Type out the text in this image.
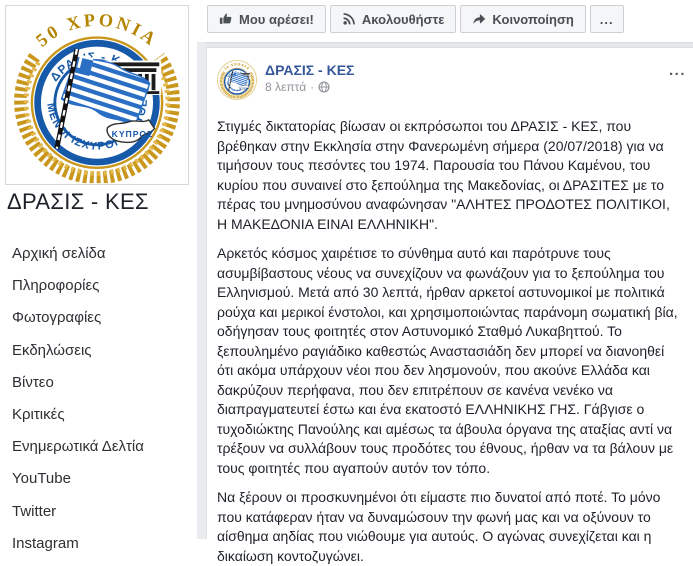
ΔΡΑΣΙΣ - ΚΕΣ
Αρχική σελίδα
Πληροφορίες
Φωτογραφίες
Εκδηλώσεις
Βίντεο
Κριτικές
Ενημερωτικά Δελτία
YouTube
Twitter
Instagram
Μου αρέσει!	Ακολουθήστε	Κοινοποίηση ...
ΔΡΑΣΙΣ - ΚΕΣ
8 λεπτά ·
...

Στιγμές δικτατορίας βίωσαν οι εκπρόσωποι του ΔΡΑΣΙΣ - ΚΕΣ, που βρέθηκαν στην Εκκλησία στην Φανερωμένη σήμερα (20/07/2018) για να τιμήσουν τους πεσόντες του 1974. Παρουσία του Πάνου Καμένου, του κυρίου που συναινεί στο ξεπούλημα της Μακεδονίας, οι ΔΡΑΣΙΤΕΣ με το πέρας του μνημοσύνου αναφώνησαν "ΑΛΗΤΕΣ ΠΡΟΔΟΤΕΣ ΠΟΛΙΤΙΚΟΙ, Η ΜΑΚΕΔΟΝΙΑ ΕΙΝΑΙ ΕΛΛΗΝΙΚΗ".

Αρκετός κόσμος χαιρέτισε το σύνθημα αυτό και παρότρυνε τους ασυμβίβαστους νέους να συνεχίζουν να φωνάζουν για το ξεπούλημα του Ελληνισμού. Μετά από 30 λεπτά, ήρθαν αρκετοί αστυνομικοί με πολιτικά ρούχα και μερικοί ένστολοι, και χρησιμοποιώντας παράνομη σωματική βία, οδήγησαν τους φοιτητές στον Αστυνομικό Σταθμό Λυκαβηττού. Το ξεπουλημένο ραγιάδικο καθεστώς Αναστασιάδη δεν μπορεί να διανοηθεί ότι ακόμα υπάρχουν νέοι που δεν λησμονούν, που ακούνε Ελλάδα και δακρύζουν περήφανα, που δεν επιτρέπουν σε κανένα νενέκο να διαπραγματευτεί έστω και ένα εκατοστό ΕΛΛΗΝΙΚΗΣ ΓΗΣ. Γάβγισε ο τυχοδιώκτης Πανούλης και αμέσως τα άβουλα όργανα της αταξίας αντί να τρέξουν να συλλάβουν τους προδότες του έθνους, ήρθαν να τα βάλουν με τους φοιτητές που αγαπούν αυτόν τον τόπο.

Να ξέρουν οι προσκυνημένοι ότι είμαστε πιο δυνατοί από ποτέ. Το μόνο που κατάφεραν ήταν να δυναμώσουν την φωνή μας και να οξύνουν το αίσθημα αηδίας που νιώθουμε για αυτούς. Ο αγώνας συνεχίζεται και η δικαίωση κοντοζυγώνει.
